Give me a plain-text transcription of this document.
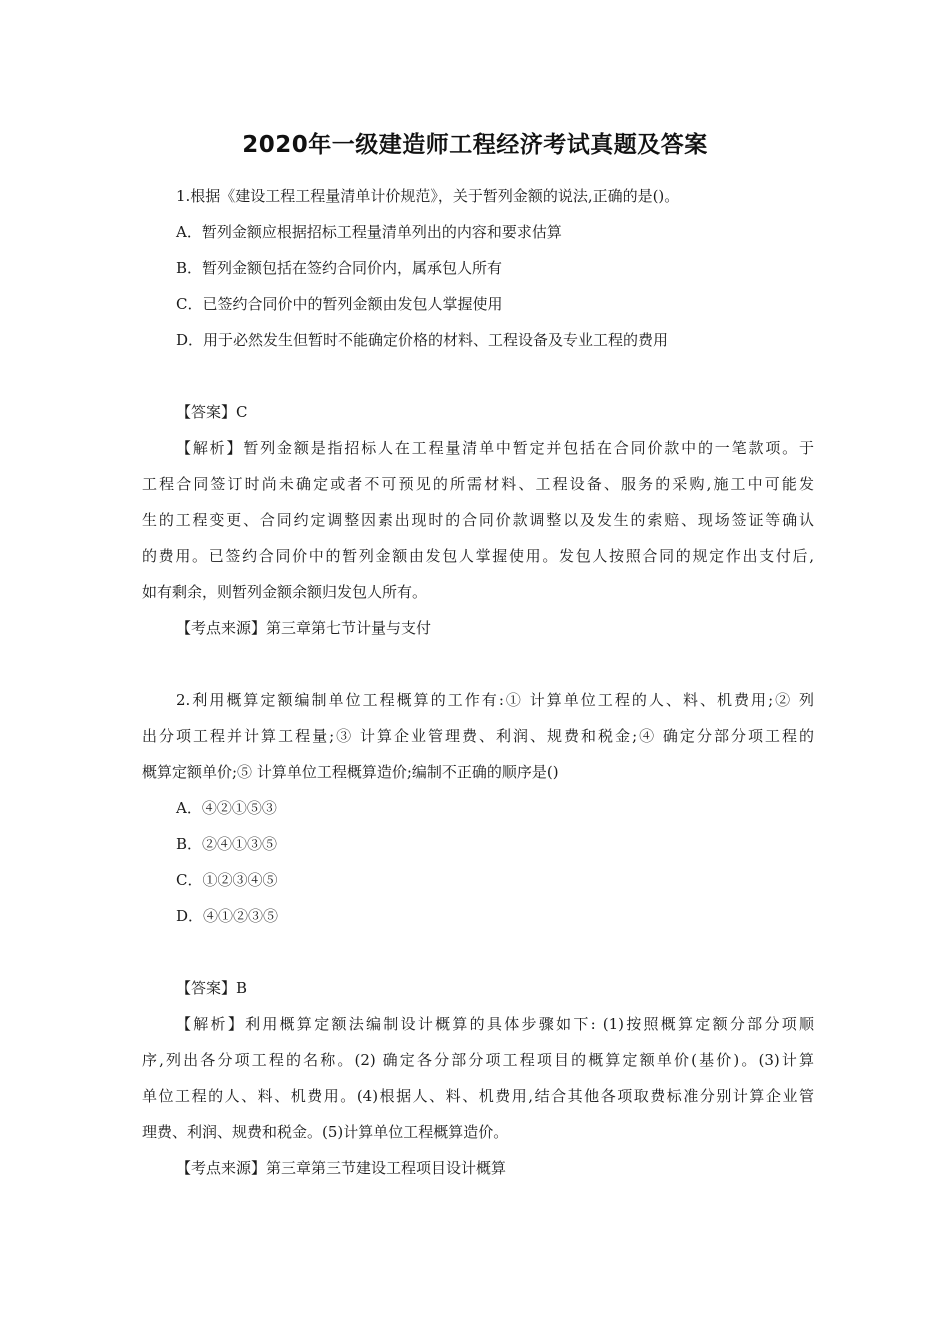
2020年一级建造师工程经济考试真题及答案
1.根据《建设工程工程量清单计价规范》，关于暂列金额的说法,正确的是()。
A．暂列金额应根据招标工程量清单列出的内容和要求估算
B．暂列金额包括在签约合同价内，属承包人所有
C．已签约合同价中的暂列金额由发包人掌握使用
D．用于必然发生但暂时不能确定价格的材料、工程设备及专业工程的费用
【答案】C
【解析】暂列金额是指招标人在工程量清单中暂定并包括在合同价款中的一笔款项。于
工程合同签订时尚未确定或者不可预见的所需材料、工程设备、服务的采购,施工中可能发
生的工程变更、合同约定调整因素出现时的合同价款调整以及发生的索赔、现场签证等确认
的费用。已签约合同价中的暂列金额由发包人掌握使用。发包人按照合同的规定作出支付后,
如有剩余，则暂列金额余额归发包人所有。
【考点来源】第三章第七节计量与支付
2.利用概算定额编制单位工程概算的工作有:① 计算单位工程的人、料、机费用;② 列
出分项工程并计算工程量;③ 计算企业管理费、利润、规费和税金;④ 确定分部分项工程的
概算定额单价;⑤ 计算单位工程概算造价;编制不正确的顺序是()
A．④②①⑤③
B．②④①③⑤
C．①②③④⑤
D．④①②③⑤
【答案】B
【解析】利用概算定额法编制设计概算的具体步骤如下: (1)按照概算定额分部分项顺
序,列出各分项工程的名称。(2) 确定各分部分项工程项目的概算定额单价(基价)。(3)计算
单位工程的人、料、机费用。(4)根据人、料、机费用,结合其他各项取费标准分别计算企业管
理费、利润、规费和税金。(5)计算单位工程概算造价。
【考点来源】第三章第三节建设工程项目设计概算
